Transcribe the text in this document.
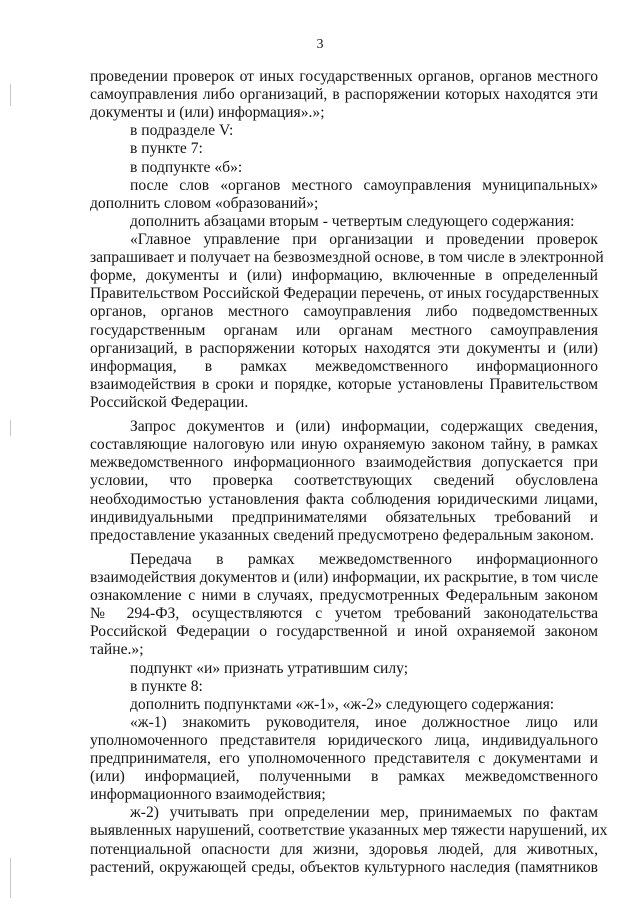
3
проведении проверок от иных государственных органов, органов местного
самоуправления либо организаций, в распоряжении которых находятся эти
документы и (или) информация».»;
в подразделе V:
в пункте 7:
в подпункте «б»:
после слов «органов местного самоуправления муниципальных»
дополнить словом «образований»;
дополнить абзацами вторым - четвертым следующего содержания:
«Главное управление при организации и проведении проверок
запрашивает и получает на безвозмездной основе, в том числе в электронной
форме, документы и (или) информацию, включенные в определенный
Правительством Российской Федерации перечень, от иных государственных
органов, органов местного самоуправления либо подведомственных
государственным органам или органам местного самоуправления
организаций, в распоряжении которых находятся эти документы и (или)
информация, в рамках межведомственного информационного
взаимодействия в сроки и порядке, которые установлены Правительством
Российской Федерации.
Запрос документов и (или) информации, содержащих сведения,
составляющие налоговую или иную охраняемую законом тайну, в рамках
межведомственного информационного взаимодействия допускается при
условии, что проверка соответствующих сведений обусловлена
необходимостью установления факта соблюдения юридическими лицами,
индивидуальными предпринимателями обязательных требований и
предоставление указанных сведений предусмотрено федеральным законом.
Передача в рамках межведомственного информационного
взаимодействия документов и (или) информации, их раскрытие, в том числе
ознакомление с ними в случаях, предусмотренных Федеральным законом
№ 294-ФЗ, осуществляются с учетом требований законодательства
Российской Федерации о государственной и иной охраняемой законом
тайне.»;
подпункт «и» признать утратившим силу;
в пункте 8:
дополнить подпунктами «ж-1», «ж-2» следующего содержания:
«ж-1) знакомить руководителя, иное должностное лицо или
уполномоченного представителя юридического лица, индивидуального
предпринимателя, его уполномоченного представителя с документами и
(или) информацией, полученными в рамках межведомственного
информационного взаимодействия;
ж-2) учитывать при определении мер, принимаемых по фактам
выявленных нарушений, соответствие указанных мер тяжести нарушений, их
потенциальной опасности для жизни, здоровья людей, для животных,
растений, окружающей среды, объектов культурного наследия (памятников
